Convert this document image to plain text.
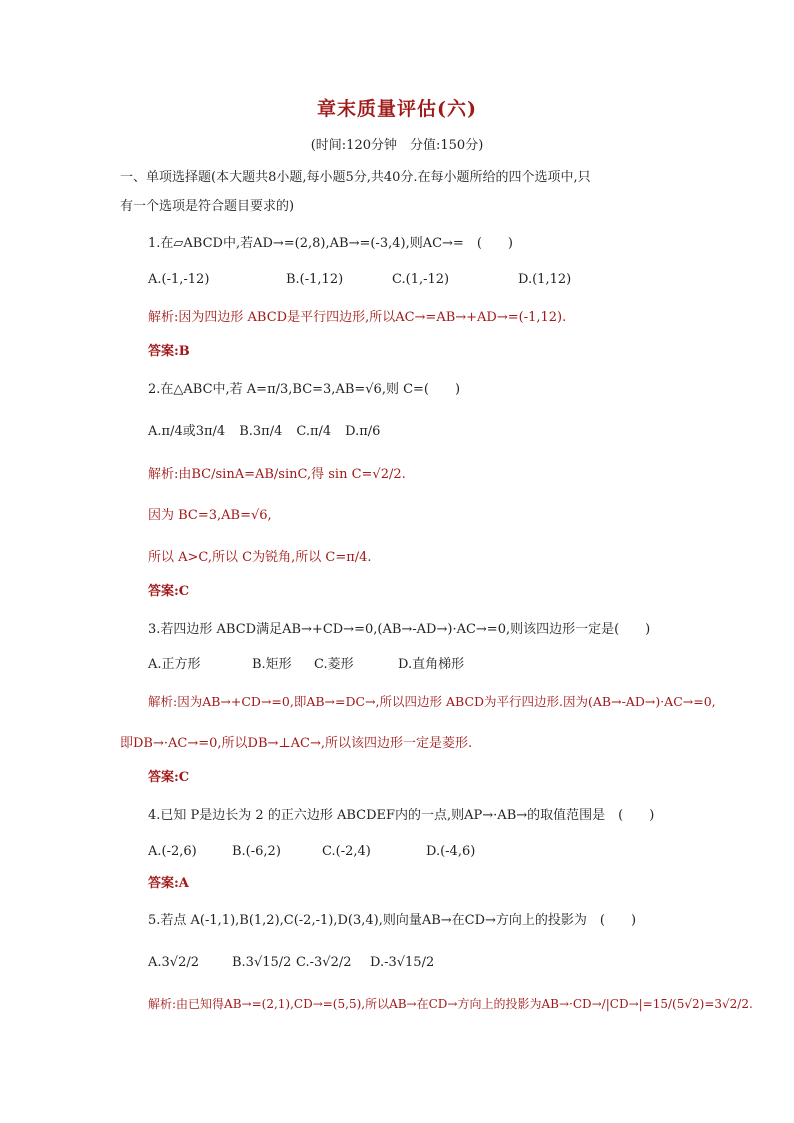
章末质量评估(六)
(时间:120分钟　分值:150分)
一、单项选择题(本大题共8小题,每小题5分,共40分.在每小题所给的四个选项中,只
有一个选项是符合题目要求的)
1.在▱ABCD中,若AD→=(2,8),AB→=(-3,4),则AC→=　(　　)
A.(-1,-12)	B.(-1,12)	C.(1,-12)	D.(1,12)
解析:因为四边形 ABCD是平行四边形,所以AC→=AB→+AD→=(-1,12).
答案:B
2.在△ABC中,若 A=π/3,BC=3,AB=√6,则 C=(　　)
A.π/4或3π/4 B.3π/4 C.π/4 D.π/6
解析:由BC/sinA=AB/sinC,得 sin C=√2/2.
因为 BC=3,AB=√6,
所以 A>C,所以 C为锐角,所以 C=π/4.
答案:C
3.若四边形 ABCD满足AB→+CD→=0,(AB→-AD→)·AC→=0,则该四边形一定是(　　)
A.正方形	B.矩形 C.菱形	D.直角梯形
解析:因为AB→+CD→=0,即AB→=DC→,所以四边形 ABCD为平行四边形.因为(AB→-AD→)·AC→=0,
即DB→·AC→=0,所以DB→⊥AC→,所以该四边形一定是菱形.
答案:C
4.已知 P是边长为 2 的正六边形 ABCDEF内的一点,则AP→·AB→的取值范围是　(　　)
A.(-2,6)	B.(-6,2)	C.(-2,4)	D.(-4,6)
答案:A
5.若点 A(-1,1),B(1,2),C(-2,-1),D(3,4),则向量AB→在CD→方向上的投影为　(　　)
A.3√2/2	B.3√15/2 C.-3√2/2 D.-3√15/2
解析:由已知得AB→=(2,1),CD→=(5,5),所以AB→在CD→方向上的投影为AB→·CD→/|CD→|=15/(5√2)=3√2/2.
